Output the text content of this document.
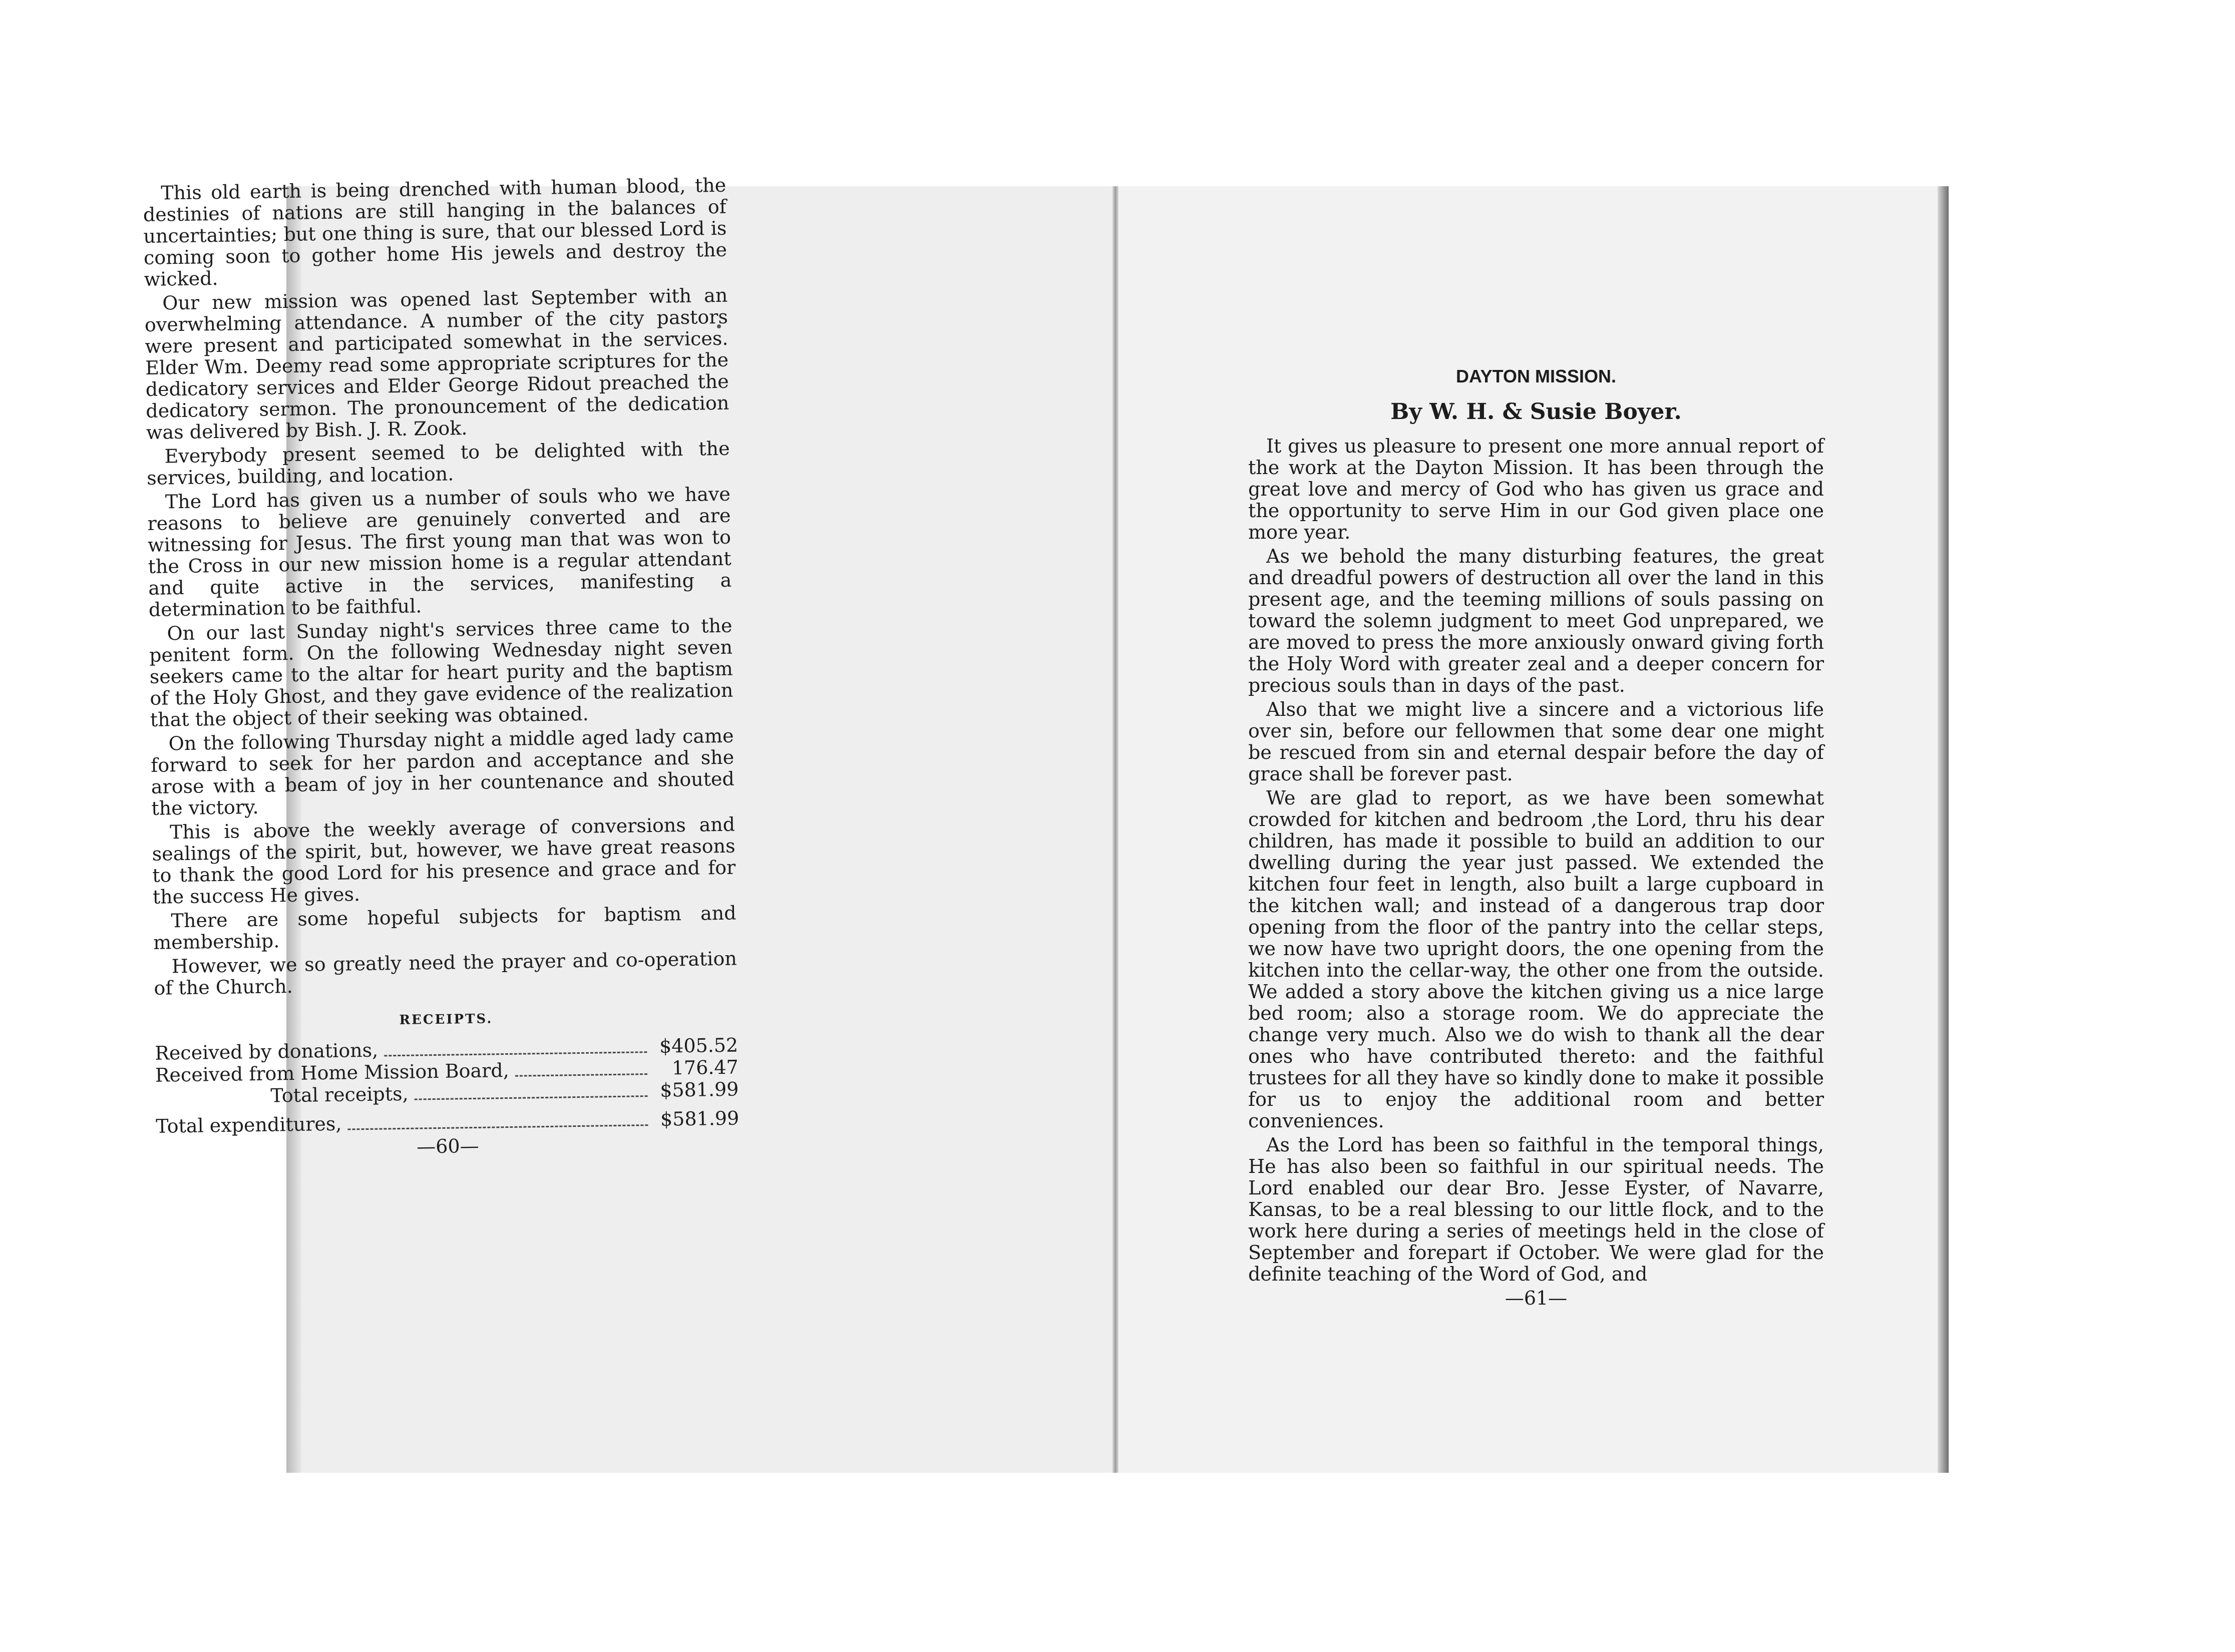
This old earth is being drenched with human blood, the destinies of nations are still hanging in the balances of uncertainties; but one thing is sure, that our blessed Lord is coming soon to gother home His jewels and destroy the wicked.

Our new mission was opened last September with an overwhelming attendance. A number of the city pastors were present and participated somewhat in the services. Elder Wm. Deemy read some appropriate scriptures for the dedicatory services and Elder George Ridout preached the dedicatory sermon. The pronouncement of the dedication was delivered by Bish. J. R. Zook.

Everybody present seemed to be delighted with the services, building, and location.

The Lord has given us a number of souls who we have reasons to believe are genuinely converted and are witnessing for Jesus. The first young man that was won to the Cross in our new mission home is a regular attendant and quite active in the services, manifesting a determination to be faithful.

On our last Sunday night's services three came to the penitent form. On the following Wednesday night seven seekers came to the altar for heart purity and the baptism of the Holy Ghost, and they gave evidence of the realization that the object of their seeking was obtained.

On the following Thursday night a middle aged lady came forward to seek for her pardon and acceptance and she arose with a beam of joy in her countenance and shouted the victory.

This is above the weekly average of conversions and sealings of the spirit, but, however, we have great reasons to thank the good Lord for his presence and grace and for the success He gives.

There are some hopeful subjects for baptism and membership.

However, we so greatly need the prayer and co-operation of the Church.

RECEIPTS.
Received by donations,	$405.52
Received from Home Mission Board,	176.47
Total receipts,	$581.99
Total expenditures,	$581.99
—60—
DAYTON MISSION.
By W. H. & Susie Boyer.

It gives us pleasure to present one more annual report of the work at the Dayton Mission. It has been through the great love and mercy of God who has given us grace and the opportunity to serve Him in our God given place one more year.

As we behold the many disturbing features, the great and dreadful powers of destruction all over the land in this present age, and the teeming millions of souls passing on toward the solemn judgment to meet God unprepared, we are moved to press the more anxiously onward giving forth the Holy Word with greater zeal and a deeper concern for precious souls than in days of the past.

Also that we might live a sincere and a victorious life over sin, before our fellowmen that some dear one might be rescued from sin and eternal despair before the day of grace shall be forever past.

We are glad to report, as we have been somewhat crowded for kitchen and bedroom ,the Lord, thru his dear children, has made it possible to build an addition to our dwelling during the year just passed. We extended the kitchen four feet in length, also built a large cupboard in the kitchen wall; and instead of a dangerous trap door opening from the floor of the pantry into the cellar steps, we now have two upright doors, the one opening from the kitchen into the cellar-way, the other one from the outside. We added a story above the kitchen giving us a nice large bed room; also a storage room. We do appreciate the change very much. Also we do wish to thank all the dear ones who have contributed thereto: and the faithful trustees for all they have so kindly done to make it possible for us to enjoy the additional room and better conveniences.

As the Lord has been so faithful in the temporal things, He has also been so faithful in our spiritual needs. The Lord enabled our dear Bro. Jesse Eyster, of Navarre, Kansas, to be a real blessing to our little flock, and to the work here during a series of meetings held in the close of September and forepart if October. We were glad for the definite teaching of the Word of God, and

—61—
